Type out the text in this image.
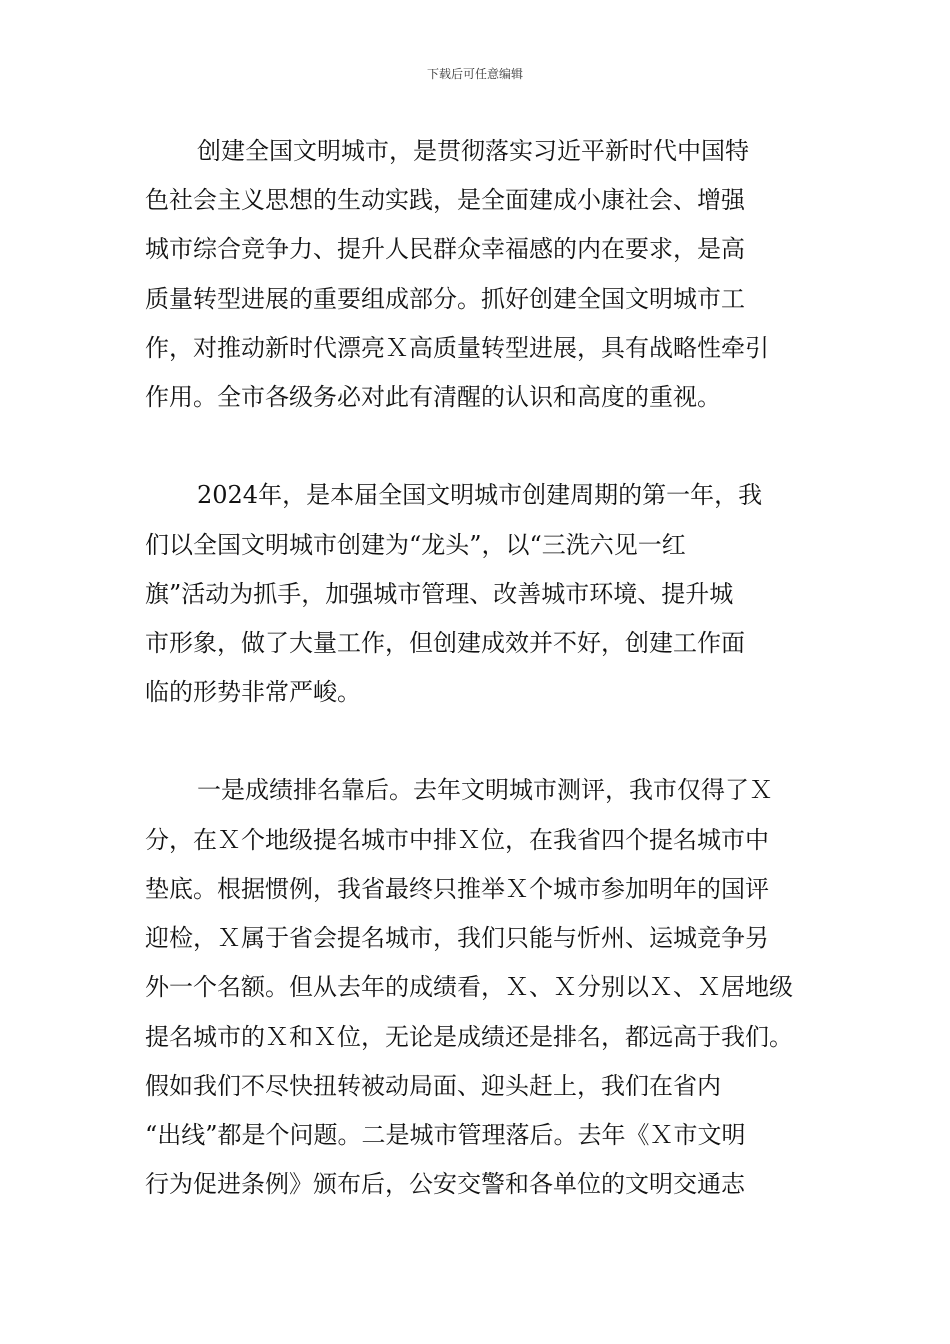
下载后可任意编辑
创建全国文明城市，是贯彻落实习近平新时代中国特
色社会主义思想的生动实践，是全面建成小康社会、增强
城市综合竞争力、提升人民群众幸福感的内在要求，是高
质量转型进展的重要组成部分。抓好创建全国文明城市工
作，对推动新时代漂亮Ｘ高质量转型进展，具有战略性牵引
作用。全市各级务必对此有清醒的认识和高度的重视。
2024年，是本届全国文明城市创建周期的第一年，我
们以全国文明城市创建为“龙头”，以“三洗六见一红
旗”活动为抓手，加强城市管理、改善城市环境、提升城
市形象，做了大量工作，但创建成效并不好，创建工作面
临的形势非常严峻。
一是成绩排名靠后。去年文明城市测评，我市仅得了Ｘ
分，在Ｘ个地级提名城市中排Ｘ位，在我省四个提名城市中
垫底。根据惯例，我省最终只推举Ｘ个城市参加明年的国评
迎检，Ｘ属于省会提名城市，我们只能与忻州、运城竞争另
外一个名额。但从去年的成绩看，Ｘ、Ｘ分别以Ｘ、Ｘ居地级
提名城市的Ｘ和Ｘ位，无论是成绩还是排名，都远高于我们。
假如我们不尽快扭转被动局面、迎头赶上，我们在省内
“出线”都是个问题。二是城市管理落后。去年《Ｘ市文明
行为促进条例》颁布后，公安交警和各单位的文明交通志
